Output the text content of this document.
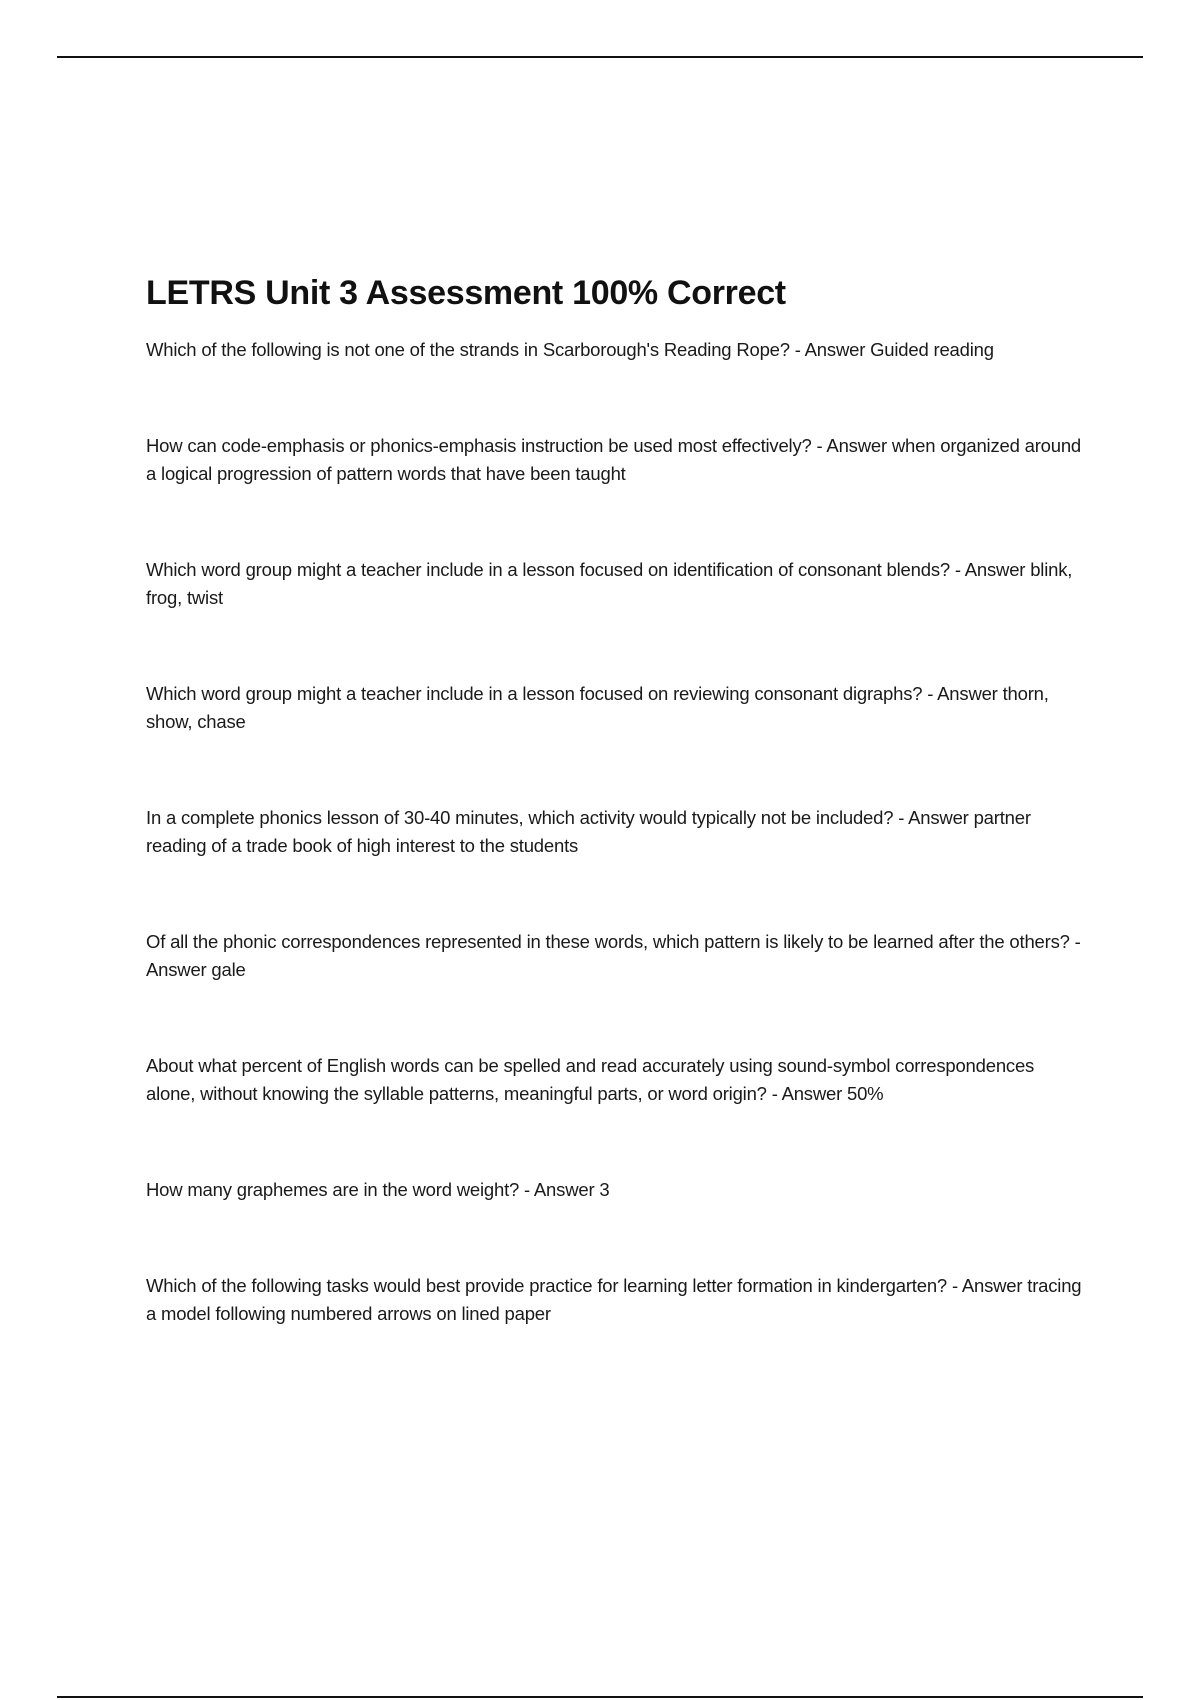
LETRS Unit 3 Assessment 100% Correct
Which of the following is not one of the strands in Scarborough's Reading Rope? - Answer Guided reading
How can code-emphasis or phonics-emphasis instruction be used most effectively? - Answer when organized around a logical progression of pattern words that have been taught
Which word group might a teacher include in a lesson focused on identification of consonant blends? - Answer blink, frog, twist
Which word group might a teacher include in a lesson focused on reviewing consonant digraphs? - Answer thorn, show, chase
In a complete phonics lesson of 30-40 minutes, which activity would typically not be included? - Answer partner reading of a trade book of high interest to the students
Of all the phonic correspondences represented in these words, which pattern is likely to be learned after the others? - Answer gale
About what percent of English words can be spelled and read accurately using sound-symbol correspondences alone, without knowing the syllable patterns, meaningful parts, or word origin? - Answer 50%
How many graphemes are in the word weight? - Answer 3
Which of the following tasks would best provide practice for learning letter formation in kindergarten? - Answer tracing a model following numbered arrows on lined paper
